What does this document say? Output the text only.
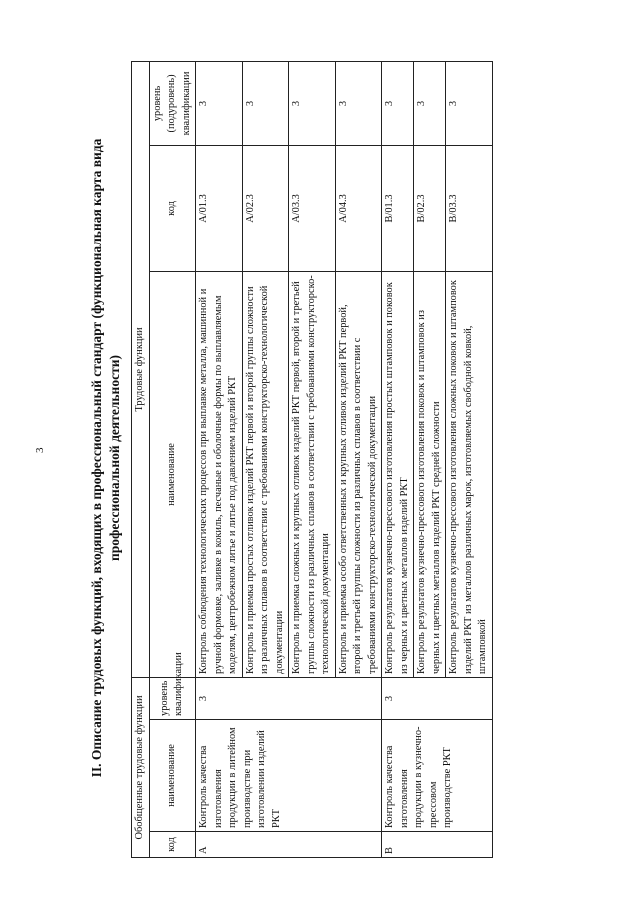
3	II. Описание трудовых функций, входящих в профессиональный стандарт (функциональная карта вида профессиональной деятельности)
Обобщенные трудовые функции			Трудовые функции		
код	наименование	уровень квалификации	наименование	код	уровень (подуровень) квалификации
A	Контроль качества изготовления продукции в литейном производстве при изготовлении изделий РКТ	3	Контроль соблюдения технологических процессов при выплавке металла, машинной и ручной формовке, заливке в кокиль, песчаные и оболочные формы по выплавляемым моделям, центробежном литье и литье под давлением изделий РКТ	A/01.3	3
			Контроль и приемка простых отливок изделий РКТ первой и второй группы сложности из различных сплавов в соответствии с требованиями конструкторско-технологической документации	A/02.3	3
			Контроль и приемка сложных и крупных отливок изделий РКТ первой, второй и третьей группы сложности из различных сплавов в соответствии с требованиями конструкторско-технологической документации	A/03.3	3
			Контроль и приемка особо ответственных и крупных отливок изделий РКТ первой, второй и третьей группы сложности из различных сплавов в соответствии с требованиями конструкторско-технологической документации	A/04.3	3
B	Контроль качества изготовления продукции в кузнечно-прессовом производстве РКТ	3	Контроль результатов кузнечно-прессового изготовления простых штамповок и поковок из черных и цветных металлов изделий РКТ	B/01.3	3
			Контроль результатов кузнечно-прессового изготовления поковок и штамповок из черных и цветных металлов изделий РКТ средней сложности	B/02.3	3
			Контроль результатов кузнечно-прессового изготовления сложных поковок и штамповок изделий РКТ из металлов различных марок, изготовляемых свободной ковкой, штамповкой	B/03.3	3
